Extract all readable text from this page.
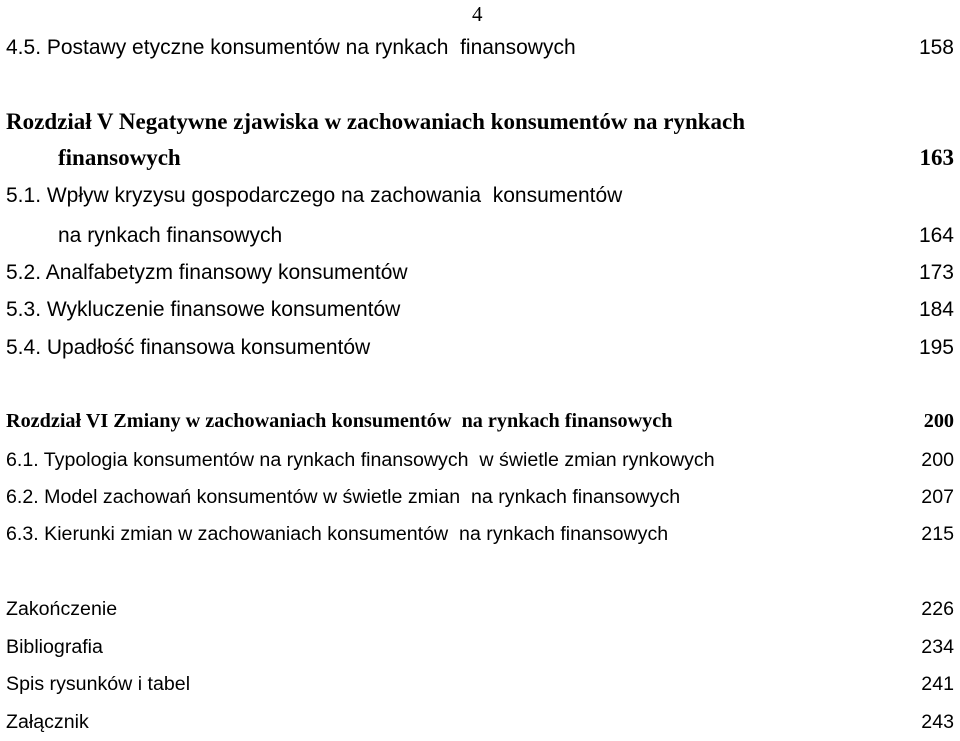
4
4.5. Postawy etyczne konsumentów na rynkach  finansowych	158
Rozdział V Negatywne zjawiska w zachowaniach konsumentów na rynkach
finansowych	163
5.1. Wpływ kryzysu gospodarczego na zachowania  konsumentów
na rynkach finansowych	164
5.2. Analfabetyzm finansowy konsumentów	173
5.3. Wykluczenie finansowe konsumentów	184
5.4. Upadłość finansowa konsumentów	195
Rozdział VI Zmiany w zachowaniach konsumentów  na rynkach finansowych	200
6.1. Typologia konsumentów na rynkach finansowych  w świetle zmian rynkowych	200
6.2. Model zachowań konsumentów w świetle zmian  na rynkach finansowych	207
6.3. Kierunki zmian w zachowaniach konsumentów  na rynkach finansowych	215
Zakończenie	226
Bibliografia	234
Spis rysunków i tabel	241
Załącznik	243
